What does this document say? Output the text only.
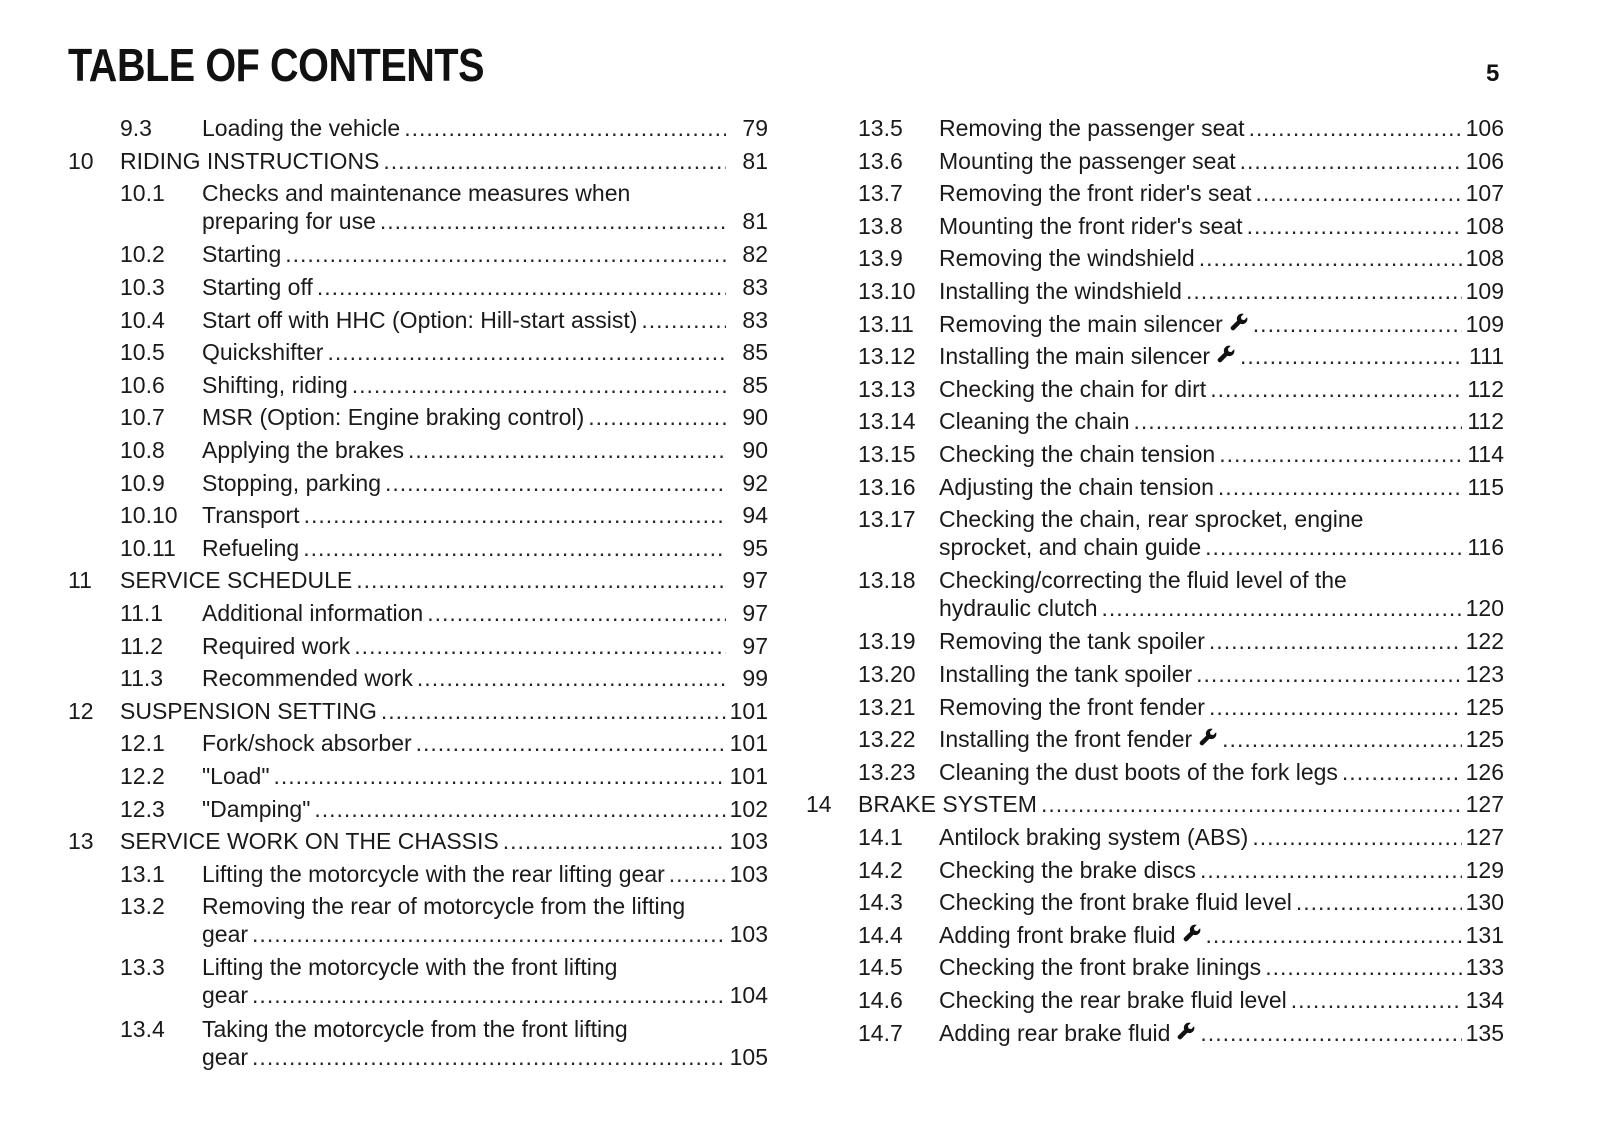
TABLE OF CONTENTS	5
9.3 Loading the vehicle .....	79
10 RIDING INSTRUCTIONS .....	81
10.1 Checks and maintenance measures when
preparing for use .....	81
10.2 Starting .....	82
10.3 Starting off .....	83
10.4 Start off with HHC (Option: Hill-start assist) .....	83
10.5 Quickshifter .....	85
10.6 Shifting, riding .....	85
10.7 MSR (Option: Engine braking control) .....	90
10.8 Applying the brakes .....	90
10.9 Stopping, parking .....	92
10.10 Transport .....	94
10.11 Refueling .....	95
11 SERVICE SCHEDULE .....	97
11.1 Additional information .....	97
11.2 Required work .....	97
11.3 Recommended work .....	99
12 SUSPENSION SETTING .....	101
12.1 Fork/shock absorber .....	101
12.2 "Load" .....	101
12.3 "Damping" .....	102
13 SERVICE WORK ON THE CHASSIS .....	103
13.1 Lifting the motorcycle with the rear lifting gear .....	103
13.2 Removing the rear of motorcycle from the lifting
gear .....	103
13.3 Lifting the motorcycle with the front lifting
gear .....	104
13.4 Taking the motorcycle from the front lifting
gear .....	105
13.5 Removing the passenger seat .....	106
13.6 Mounting the passenger seat .....	106
13.7 Removing the front rider's seat .....	107
13.8 Mounting the front rider's seat .....	108
13.9 Removing the windshield .....	108
13.10 Installing the windshield .....	109
13.11 Removing the main silencer .....	109
13.12 Installing the main silencer .....	111
13.13 Checking the chain for dirt .....	112
13.14 Cleaning the chain .....	112
13.15 Checking the chain tension .....	114
13.16 Adjusting the chain tension .....	115
13.17 Checking the chain, rear sprocket, engine
sprocket, and chain guide .....	116
13.18 Checking/correcting the fluid level of the
hydraulic clutch .....	120
13.19 Removing the tank spoiler .....	122
13.20 Installing the tank spoiler .....	123
13.21 Removing the front fender .....	125
13.22 Installing the front fender .....	125
13.23 Cleaning the dust boots of the fork legs .....	126
14 BRAKE SYSTEM .....	127
14.1 Antilock braking system (ABS) .....	127
14.2 Checking the brake discs .....	129
14.3 Checking the front brake fluid level .....	130
14.4 Adding front brake fluid .....	131
14.5 Checking the front brake linings .....	133
14.6 Checking the rear brake fluid level .....	134
14.7 Adding rear brake fluid .....	135
